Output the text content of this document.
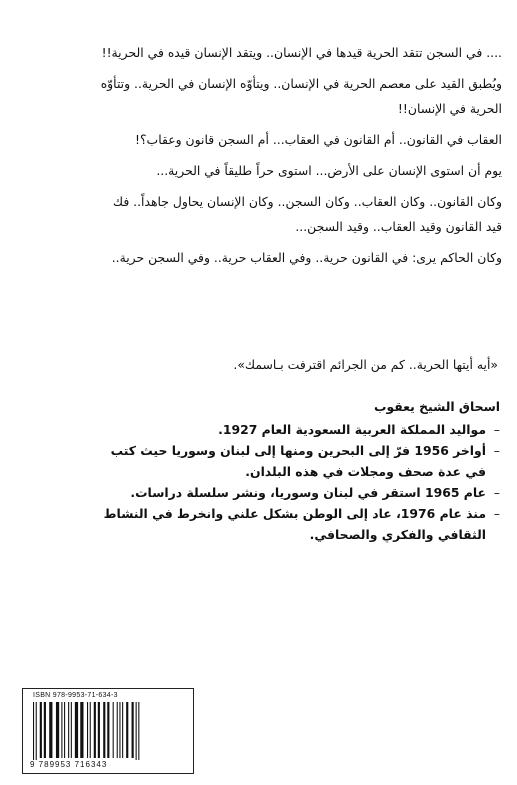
.... في السجن تتقد الحرية قيدها في الإنسان.. ويتقد الإنسان قيده في الحرية!!

ويُطبق القيد على معصم الحرية في الإنسان.. ويتأوّه الإنسان في الحرية.. وتتأوّه الحرية في الإنسان!!

العقاب في القانون.. أم القانون في العقاب... أم السجن قانون وعقاب؟!

يوم أن استوى الإنسان على الأرض... استوى حراً طليقاً في الحرية...

وكان القانون.. وكان العقاب.. وكان السجن.. وكان الإنسان يحاول جاهداً.. فك قيد القانون وقيد العقاب.. وقيد السجن...

وكان الحاكم يرى: في القانون حرية.. وفي العقاب حرية.. وفي السجن حرية..

«أيه أيتها الحرية.. كم من الجرائم اقترفت بـاسمك».
اسحاق الشيخ يعقوب
– مواليد المملكة العربية السعودية العام 1927.
– أواخر 1956 فرّ إلى البحرين ومنها إلى لبنان وسوريا حيث كتب في عدة صحف ومجلات في هذه البلدان.
– عام 1965 استقر في لبنان وسوريا، ونشر سلسلة دراسات.
– منذ عام 1976، عاد إلى الوطن بشكل علني وانخرط في النشاط الثقافي والفكري والصحافي.
ISBN 978-9953-71-634-3
9 789953 716343
